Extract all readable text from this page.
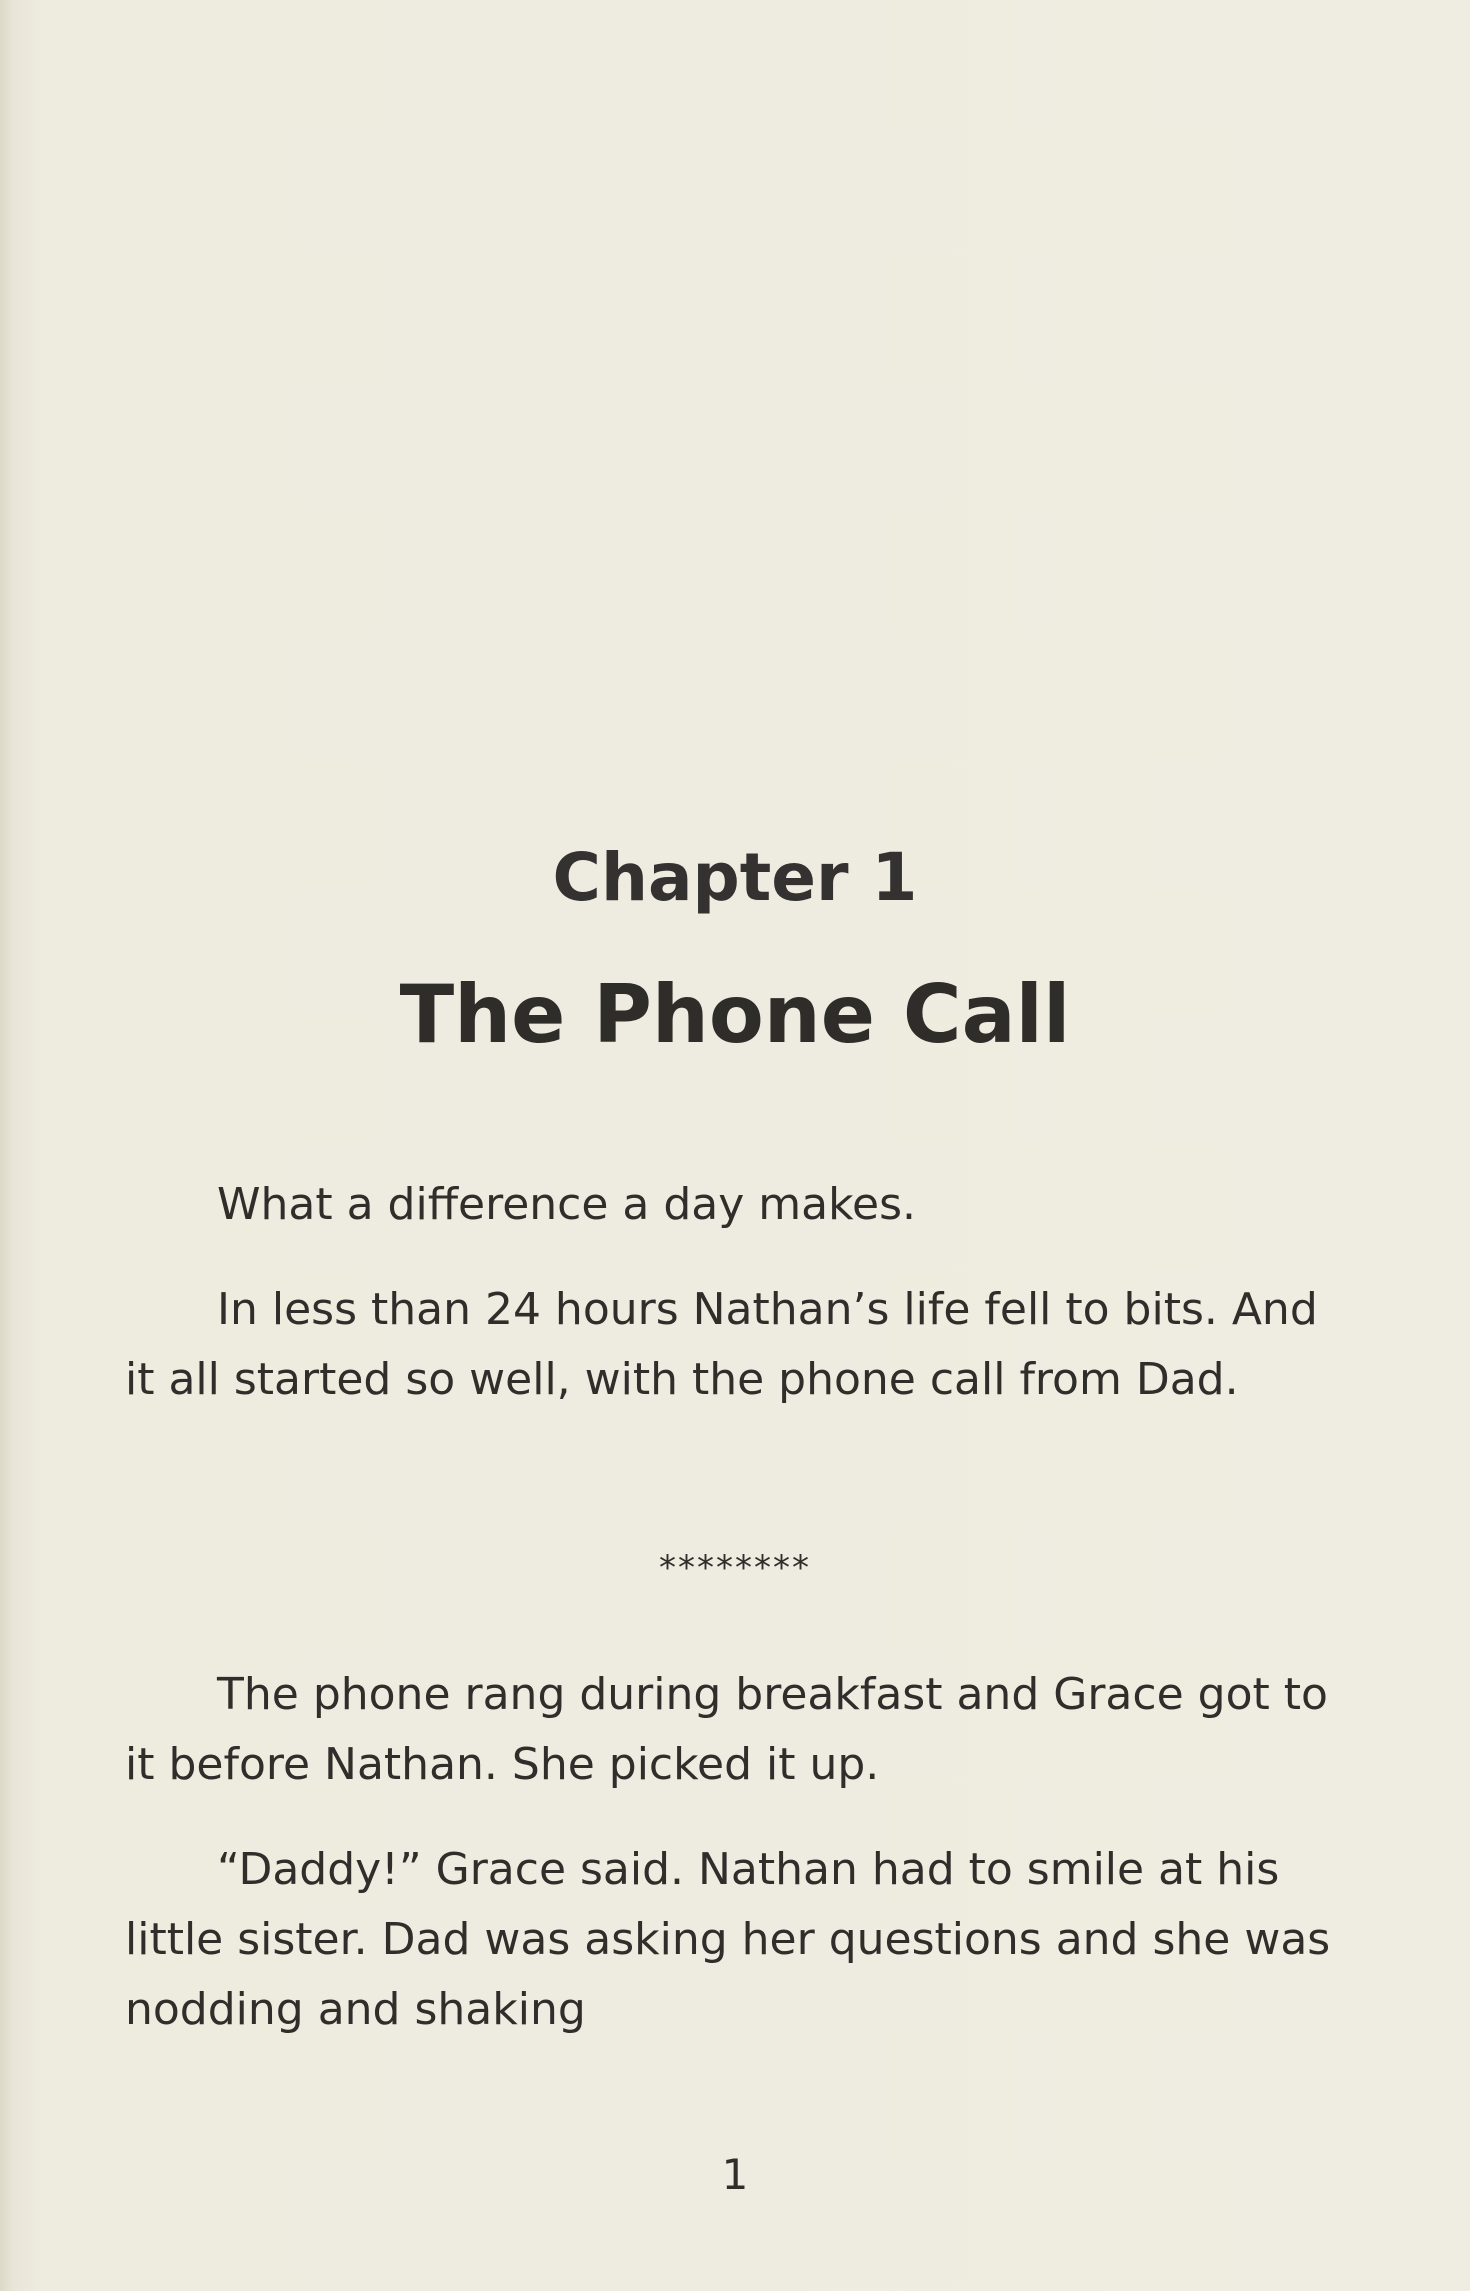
Chapter 1
The Phone Call

What a difference a day makes.

In less than 24 hours Nathan’s life fell to bits. And it all started so well, with the phone call from Dad.

********

The phone rang during breakfast and Grace got to it before Nathan. She picked it up.

“Daddy!” Grace said. Nathan had to smile at his little sister. Dad was asking her questions and she was nodding and shaking

1
